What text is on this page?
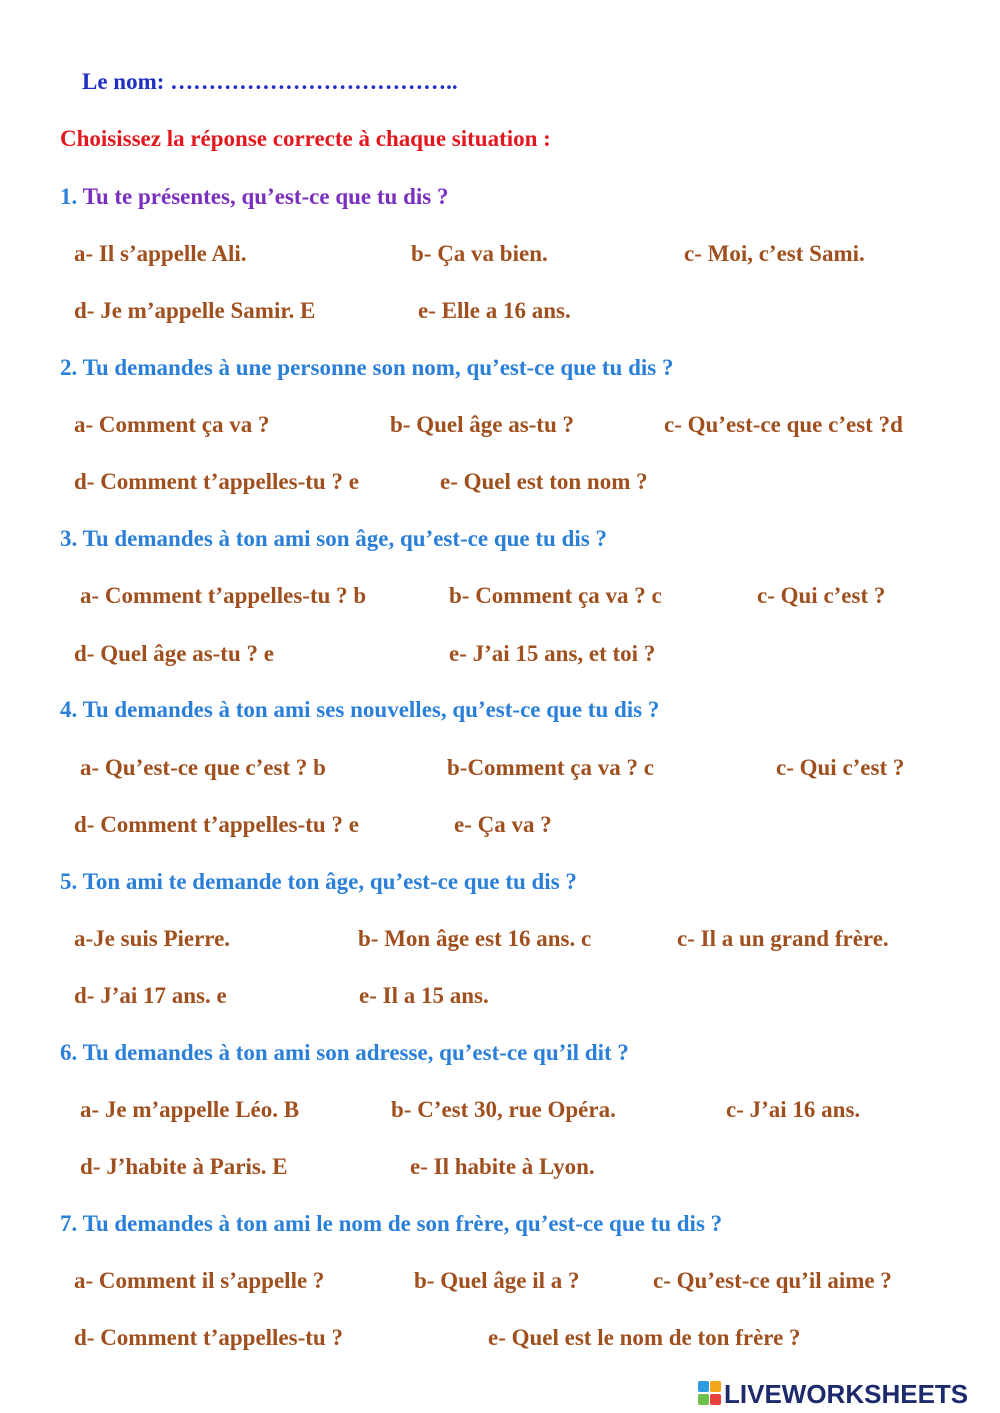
Le nom: ………………………………..
Choisissez la réponse correcte à chaque situation :
1. Tu te présentes, qu’est-ce que tu dis ?
a- Il s’appelle Ali.	b- Ça va bien.	c- Moi, c’est Sami.
d- Je m’appelle Samir. E	e- Elle a 16 ans.
2. Tu demandes à une personne son nom, qu’est-ce que tu dis ?
a- Comment ça va ?	b- Quel âge as-tu ?	c- Qu’est-ce que c’est ?d
d- Comment t’appelles-tu ? e	e- Quel est ton nom ?
3. Tu demandes à ton ami son âge, qu’est-ce que tu dis ?
a- Comment t’appelles-tu ? b	b- Comment ça va ? c	c- Qui c’est ?
d- Quel âge as-tu ? e	e- J’ai 15 ans, et toi ?
4. Tu demandes à ton ami ses nouvelles, qu’est-ce que tu dis ?
a- Qu’est-ce que c’est ? b	b-Comment ça va ? c	c- Qui c’est ?
d- Comment t’appelles-tu ? e	e- Ça va ?
5. Ton ami te demande ton âge, qu’est-ce que tu dis ?
a-Je suis Pierre.	b- Mon âge est 16 ans. c	c- Il a un grand frère.
d- J’ai 17 ans. e	e- Il a 15 ans.
6. Tu demandes à ton ami son adresse, qu’est-ce qu’il dit ?
a- Je m’appelle Léo. B	b- C’est 30, rue Opéra.	c- J’ai 16 ans.
d- J’habite à Paris. E	e- Il habite à Lyon.
7. Tu demandes à ton ami le nom de son frère, qu’est-ce que tu dis ?
a- Comment il s’appelle ?	b- Quel âge il a ?	c- Qu’est-ce qu’il aime ?
d- Comment t’appelles-tu ?	e- Quel est le nom de ton frère ?
LIVEWORKSHEETS
